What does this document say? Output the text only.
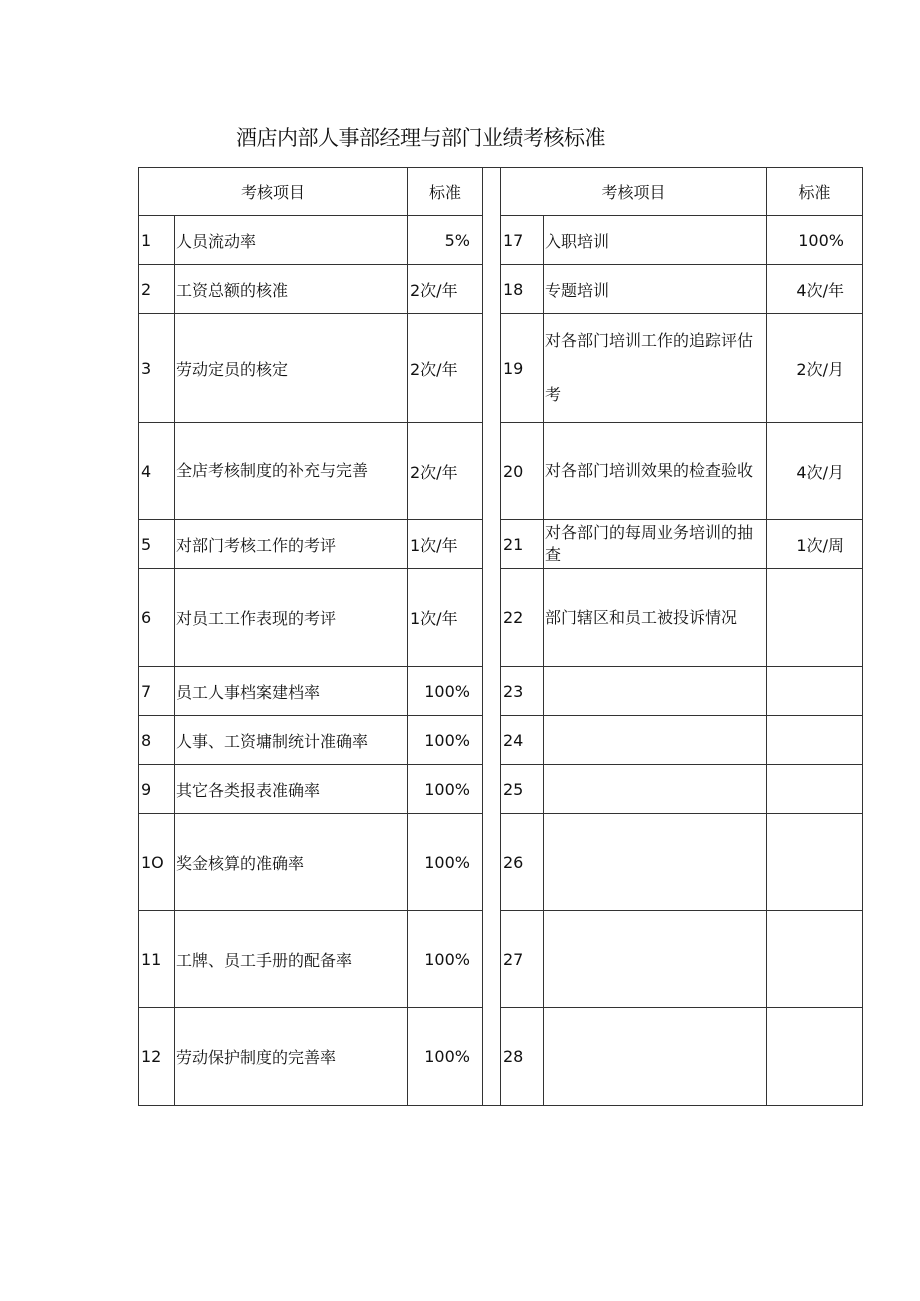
酒店内部人事部经理与部门业绩考核标准
考核项目		标准		考核项目		标准
1	人员流动率	5%		17	入职培训	100%
2	工资总额的核准	2次/年		18	专题培训	4次/年
3	劳动定员的核定	2次/年		19	对各部门培训工作的追踪评估考	2次/月
4	全店考核制度的补充与完善	2次/年		20	对各部门培训效果的检查验收	4次/月
5	对部门考核工作的考评	1次/年		21	对各部门的每周业务培训的抽查	1次/周
6	对员工工作表现的考评	1次/年		22	部门辖区和员工被投诉情况	
7	员工人事档案建档率	100%		23		
8	人事、工资墉制统计准确率	100%		24		
9	其它各类报表准确率	100%		25		
1O	奖金核算的准确率	100%		26		
11	工牌、员工手册的配备率	100%		27		
12	劳动保护制度的完善率	100%		28		
